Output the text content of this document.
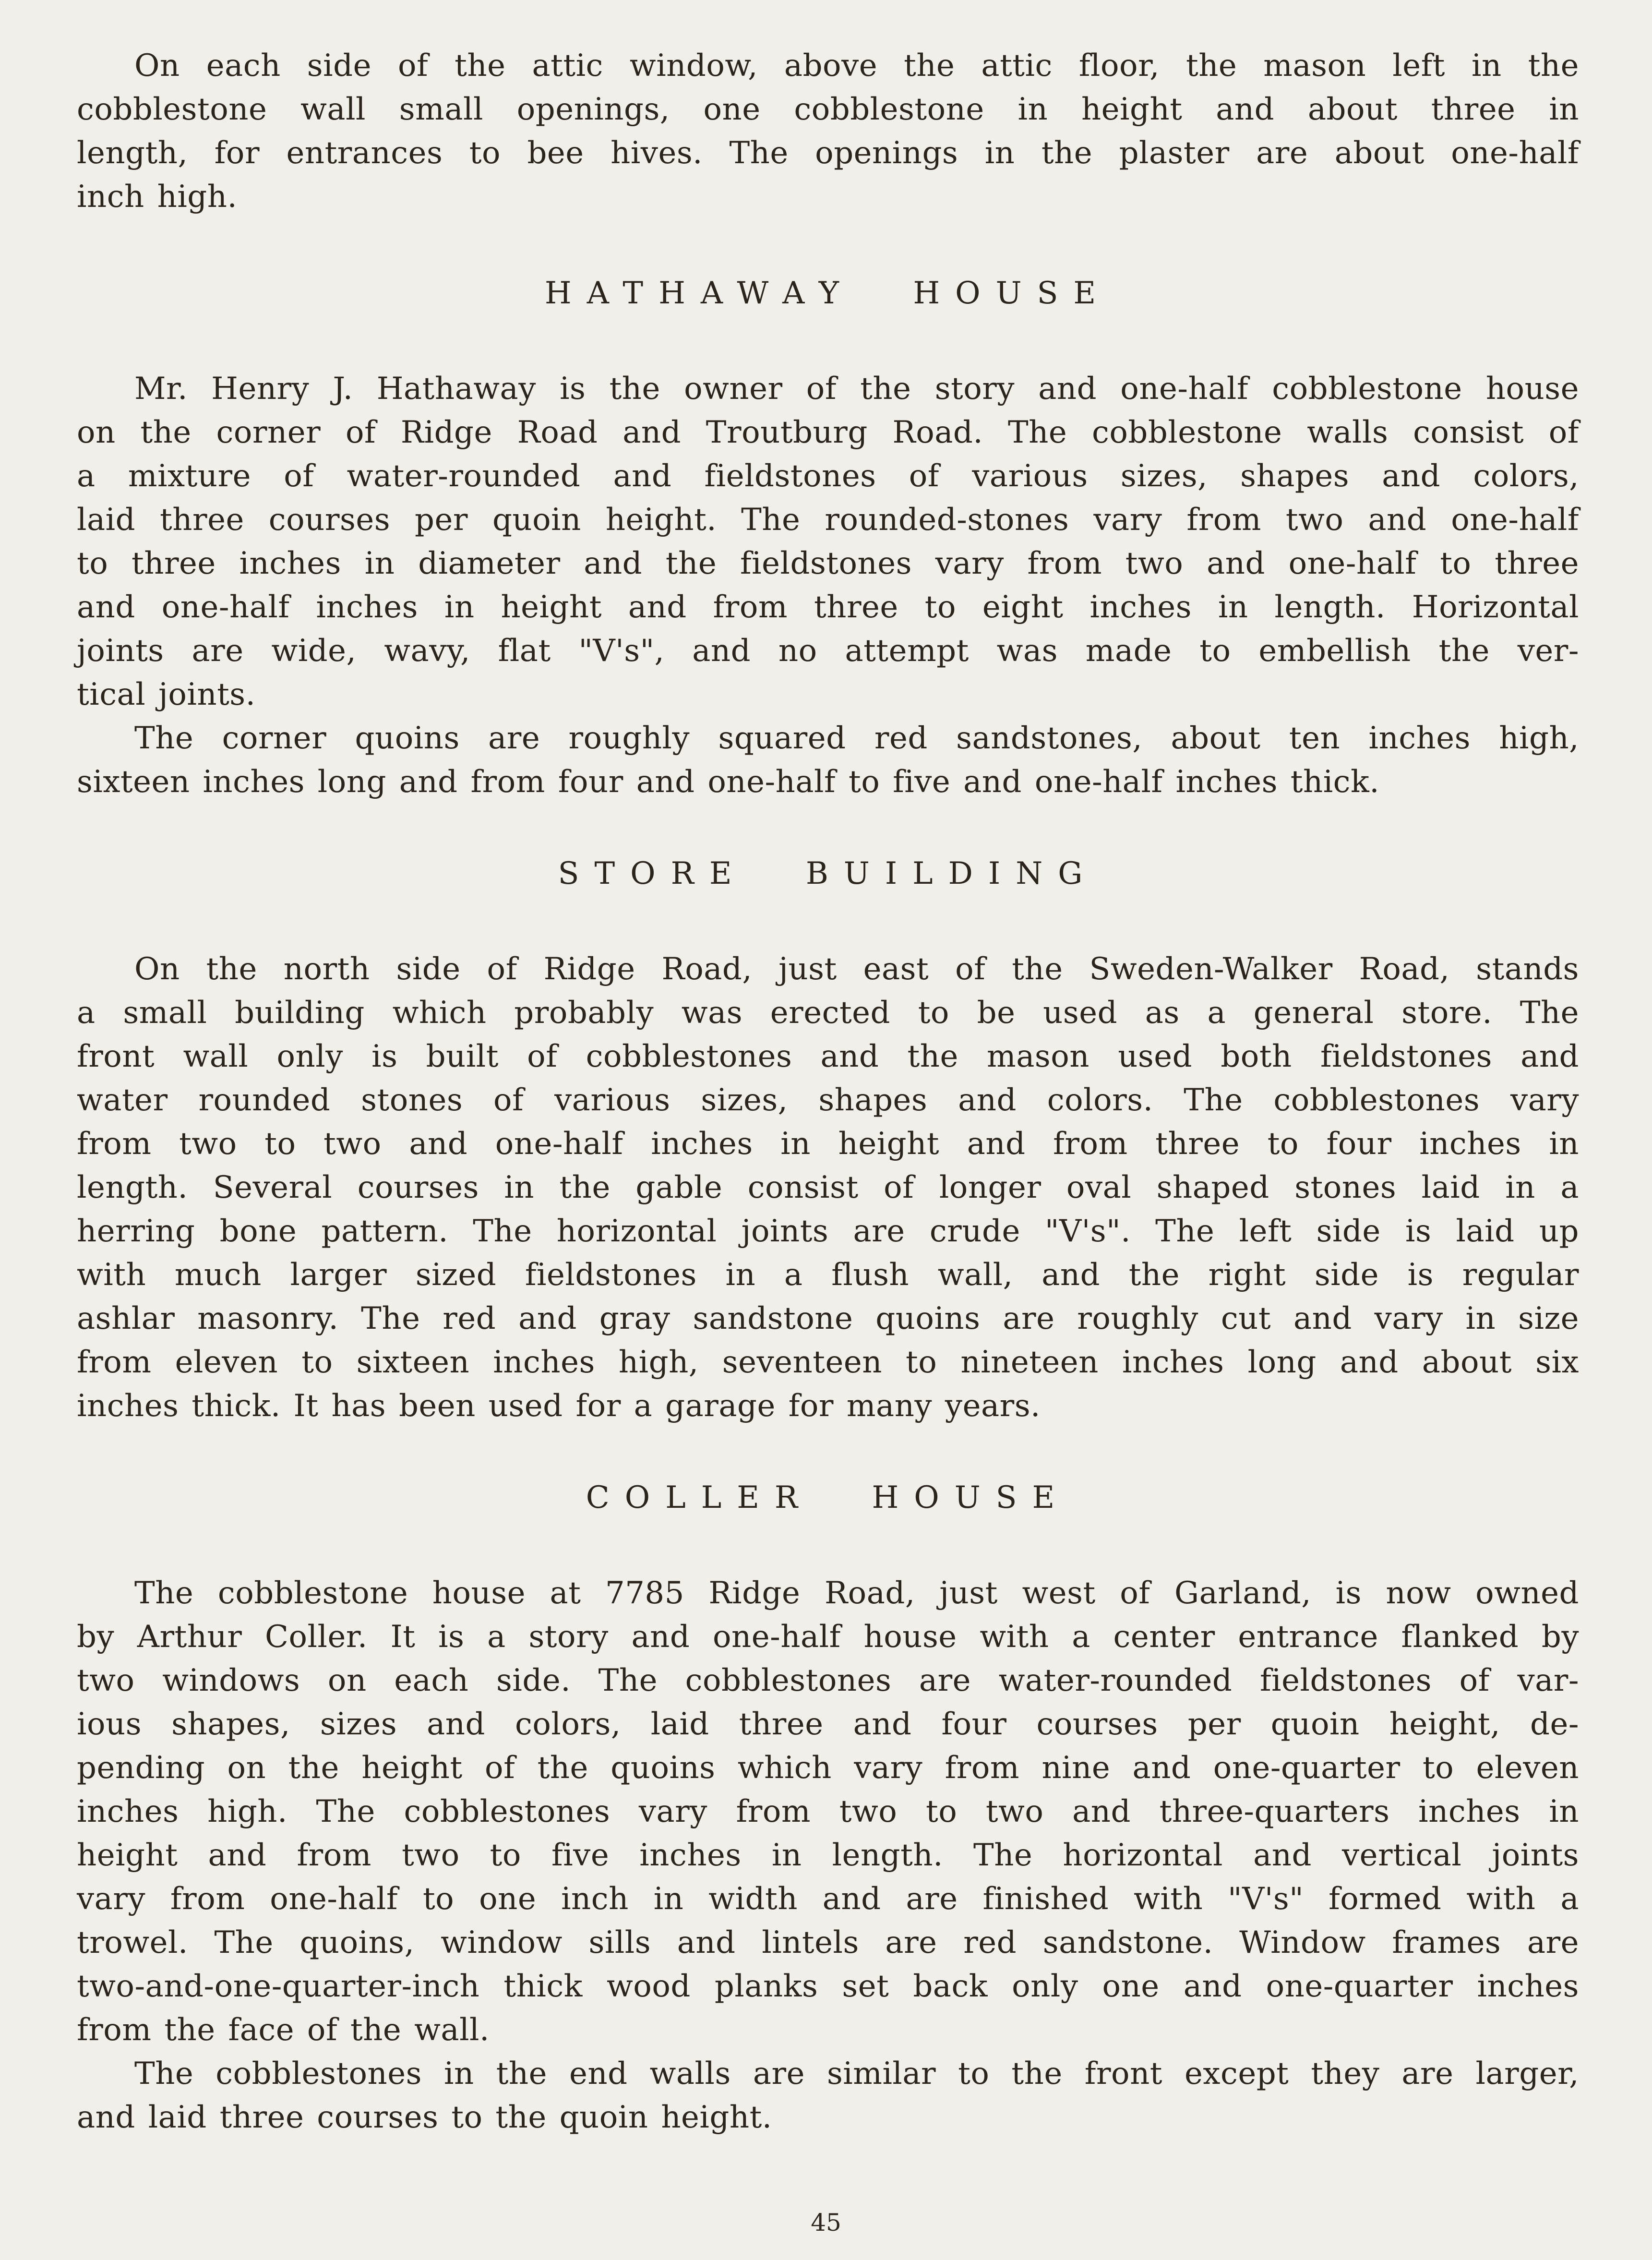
On each side of the attic window, above the attic floor, the mason left in the
cobblestone wall small openings, one cobblestone in height and about three in
length, for entrances to bee hives. The openings in the plaster are about one-half
inch high.
HATHAWAY HOUSE
Mr. Henry J. Hathaway is the owner of the story and one-half cobblestone house
on the corner of Ridge Road and Troutburg Road. The cobblestone walls consist of
a mixture of water-rounded and fieldstones of various sizes, shapes and colors,
laid three courses per quoin height. The rounded-stones vary from two and one-half
to three inches in diameter and the fieldstones vary from two and one-half to three
and one-half inches in height and from three to eight inches in length. Horizontal
joints are wide, wavy, flat "V's", and no attempt was made to embellish the ver-
tical joints.
The corner quoins are roughly squared red sandstones, about ten inches high,
sixteen inches long and from four and one-half to five and one-half inches thick.
STORE BUILDING
On the north side of Ridge Road, just east of the Sweden-Walker Road, stands
a small building which probably was erected to be used as a general store. The
front wall only is built of cobblestones and the mason used both fieldstones and
water rounded stones of various sizes, shapes and colors. The cobblestones vary
from two to two and one-half inches in height and from three to four inches in
length. Several courses in the gable consist of longer oval shaped stones laid in a
herring bone pattern. The horizontal joints are crude "V's". The left side is laid up
with much larger sized fieldstones in a flush wall, and the right side is regular
ashlar masonry. The red and gray sandstone quoins are roughly cut and vary in size
from eleven to sixteen inches high, seventeen to nineteen inches long and about six
inches thick. It has been used for a garage for many years.
COLLER HOUSE
The cobblestone house at 7785 Ridge Road, just west of Garland, is now owned
by Arthur Coller. It is a story and one-half house with a center entrance flanked by
two windows on each side. The cobblestones are water-rounded fieldstones of var-
ious shapes, sizes and colors, laid three and four courses per quoin height, de-
pending on the height of the quoins which vary from nine and one-quarter to eleven
inches high. The cobblestones vary from two to two and three-quarters inches in
height and from two to five inches in length. The horizontal and vertical joints
vary from one-half to one inch in width and are finished with "V's" formed with a
trowel. The quoins, window sills and lintels are red sandstone. Window frames are
two-and-one-quarter-inch thick wood planks set back only one and one-quarter inches
from the face of the wall.
The cobblestones in the end walls are similar to the front except they are larger,
and laid three courses to the quoin height.
45
